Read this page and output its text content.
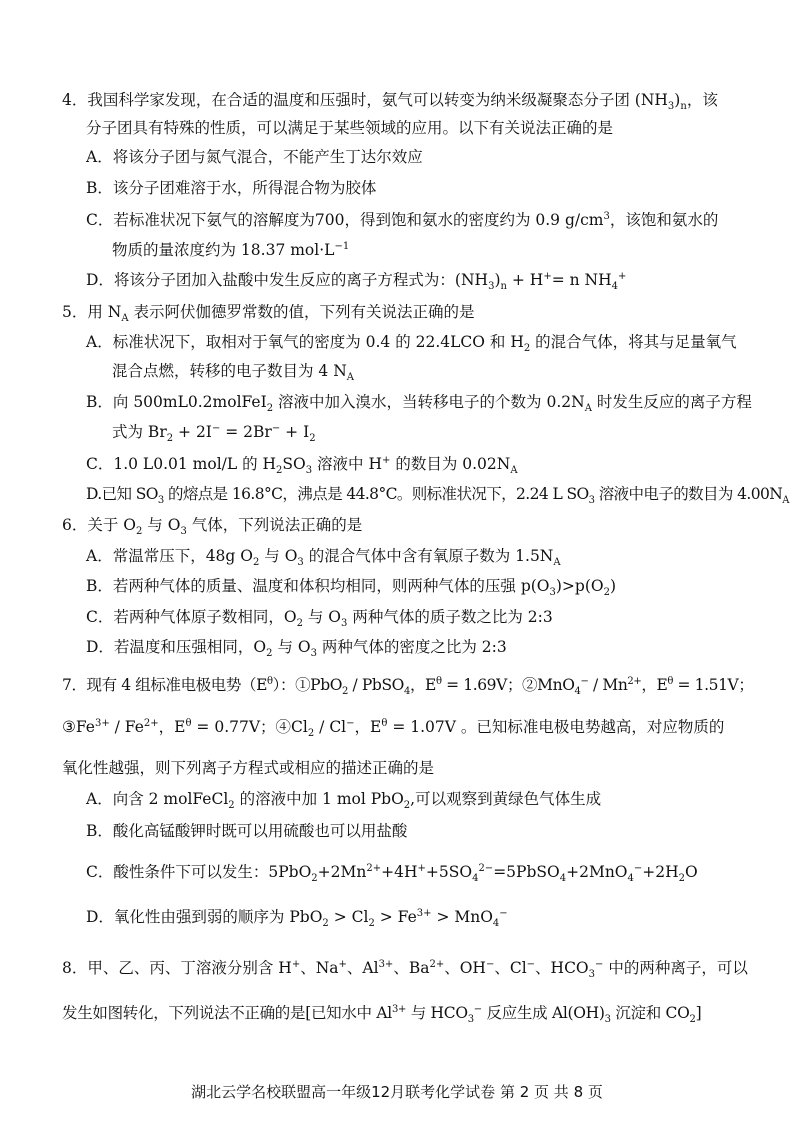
4．我国科学家发现，在合适的温度和压强时，氨气可以转变为纳米级凝聚态分子团 $(NH_3)_n$，该
分子团具有特殊的性质，可以满足于某些领域的应用。以下有关说法正确的是
A．将该分子团与氮气混合，不能产生丁达尔效应
B．该分子团难溶于水，所得混合物为胶体
C．若标准状况下氨气的溶解度为700，得到饱和氨水的密度约为 0.9 $g/cm^3$，该饱和氨水的
物质的量浓度约为 18.37 $mol\cdot L^{-1}$
D．将该分子团加入盐酸中发生反应的离子方程式为：$(NH_3)_n + H^+= n$ $NH_4^+$
5．用 $N_A$ 表示阿伏伽德罗常数的值，下列有关说法正确的是
A．标准状况下，取相对于氧气的密度为 0.4 的 22.4LCO 和 $H_2$ 的混合气体，将其与足量氧气
混合点燃，转移的电子数目为 4 $N_A$
B．向 500mL0.2molFeI$_2$ 溶液中加入溴水，当转移电子的个数为 $0.2N_A$ 时发生反应的离子方程
式为 $Br_2 + 2I^- = 2Br^- + I_2$
C．1.0 L0.01 mol/L 的 $H_2SO_3$ 溶液中 H+ 的数目为 $0.02N_A$
D.已知 $SO_3$ 的熔点是 16.8°C，沸点是 44.8°C。则标准状况下，2.24 L $SO_3$ 溶液中电子的数目为 $4.00N_A$
6．关于 $O_2$ 与 $O_3$ 气体，下列说法正确的是
A．常温常压下，48g $O_2$ 与 $O_3$ 的混合气体中含有氧原子数为 $1.5N_A$
B．若两种气体的质量、温度和体积均相同，则两种气体的压强 $p(O_3)>p(O_2)$
C．若两种气体原子数相同，$O_2$ 与 $O_3$ 两种气体的质子数之比为 2:3
D．若温度和压强相同，$O_2$ 与 $O_3$ 两种气体的密度之比为 2:3
7．现有 4 组标准电极电势$(E^\theta)$：①PbO$_2$ / PbSO$_4$，$E^\theta = 1.69V$；②MnO$_4$− / $Mn^{2+}$，$E^\theta = 1.51V$；
$③Fe^{3+} / Fe^{2+}$，$E^\theta = 0.77V$；$④Cl_2 / Cl^-$，$E^\theta = 1.07V$ 。已知标准电极电势越高，对应物质的
氧化性越强，则下列离子方程式或相应的描述正确的是
A．向含 2 molFeCl$_2$ 的溶液中加 1 mol PbO$_2$,可以观察到黄绿色气体生成
B．酸化高锰酸钾时既可以用硫酸也可以用盐酸
C．酸性条件下可以发生：$5PbO_2+2Mn^{2+}+4H^++5SO_4^{2-}=5PbSO_4+2MnO_4^-+2H_2O$
D．氧化性由强到弱的顺序为 $PbO_2 > Cl_2 > Fe^{3+} > MnO_4^-$
8．甲、乙、丙、丁溶液分别含 H+、Na+、$Al^{3+}$、$Ba^{2+}$、OH−、Cl−、$HCO_3^-$ 中的两种离子，可以
发生如图转化，下列说法不正确的是[已知水中 $Al^{3+}$ 与 $HCO_3^-$ 反应生成 $Al(OH)_3$ 沉淀和 $CO_2$]
湖北云学名校联盟高一年级12月联考化学试卷 第 2 页 共 8 页
